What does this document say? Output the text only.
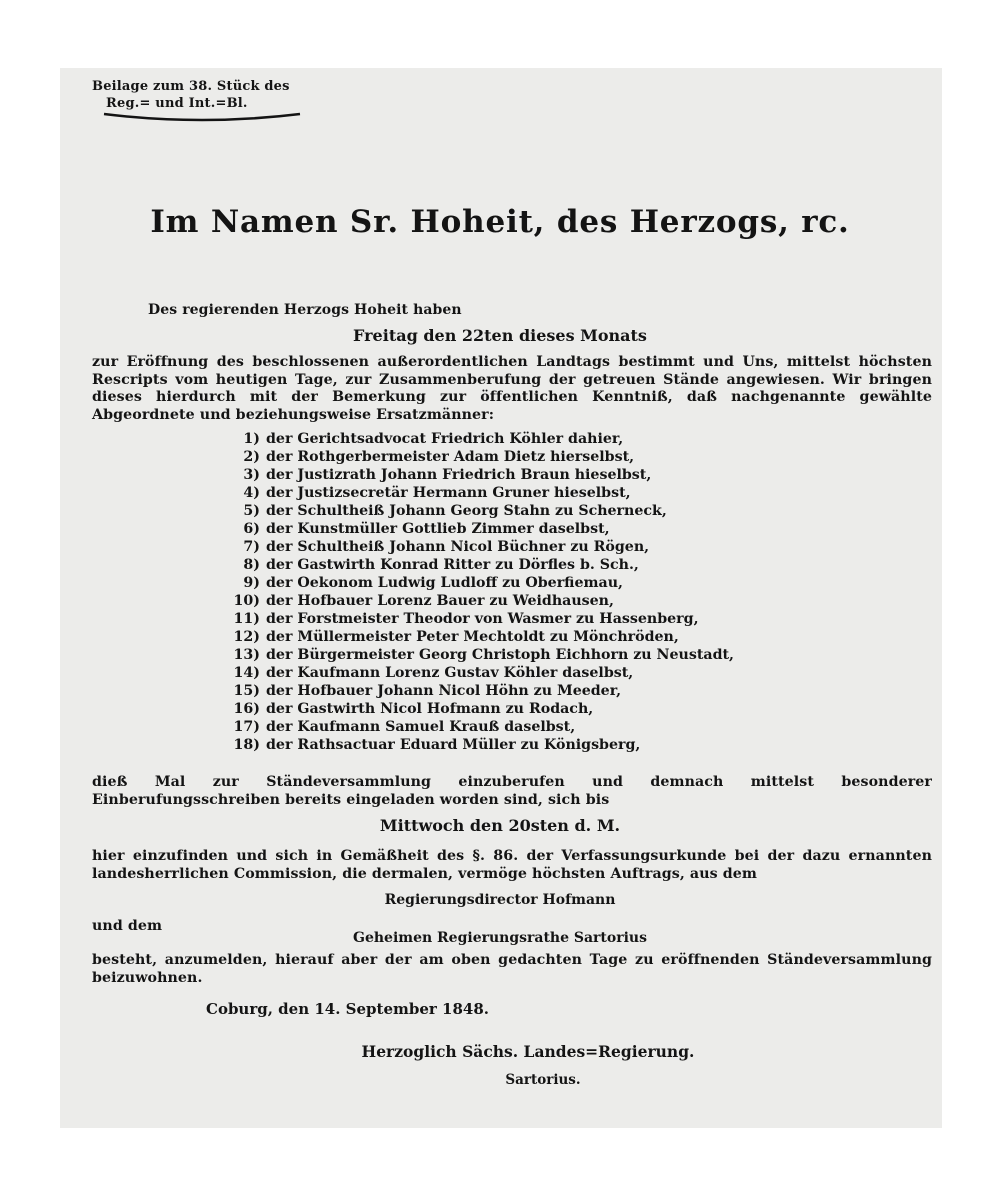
Beilage zum 38. Stück des
Reg.= und Int.=Bl.
Im Namen Sr. Hoheit, des Herzogs, rc.
Des regierenden Herzogs Hoheit haben
Freitag den 22ten dieses Monats
zur Eröffnung des beschlossenen außerordentlichen Landtags bestimmt und Uns, mittelst höchsten Rescripts vom heutigen Tage, zur Zusammenberufung der getreuen Stände angewiesen. Wir bringen dieses hierdurch mit der Bemerkung zur öffentlichen Kenntniß, daß nachgenannte gewählte Abgeordnete und beziehungsweise Ersatzmänner:
1) der Gerichtsadvocat Friedrich Köhler dahier,
2) der Rothgerbermeister Adam Dietz hierselbst,
3) der Justizrath Johann Friedrich Braun hieselbst,
4) der Justizsecretär Hermann Gruner hieselbst,
5) der Schultheiß Johann Georg Stahn zu Scherneck,
6) der Kunstmüller Gottlieb Zimmer daselbst,
7) der Schultheiß Johann Nicol Büchner zu Rögen,
8) der Gastwirth Konrad Ritter zu Dörfles b. Sch.,
9) der Oekonom Ludwig Ludloff zu Oberfiemau,
10) der Hofbauer Lorenz Bauer zu Weidhausen,
11) der Forstmeister Theodor von Wasmer zu Hassenberg,
12) der Müllermeister Peter Mechtoldt zu Mönchröden,
13) der Bürgermeister Georg Christoph Eichhorn zu Neustadt,
14) der Kaufmann Lorenz Gustav Köhler daselbst,
15) der Hofbauer Johann Nicol Höhn zu Meeder,
16) der Gastwirth Nicol Hofmann zu Rodach,
17) der Kaufmann Samuel Krauß daselbst,
18) der Rathsactuar Eduard Müller zu Königsberg,
dieß Mal zur Ständeversammlung einzuberufen und demnach mittelst besonderer Einberufungsschreiben bereits eingeladen worden sind, sich bis
Mittwoch den 20sten d. M.
hier einzufinden und sich in Gemäßheit des §. 86. der Verfassungsurkunde bei der dazu ernannten landesherrlichen Commission, die dermalen, vermöge höchsten Auftrags, aus dem
Regierungsdirector Hofmann
und dem
Geheimen Regierungsrathe Sartorius
besteht, anzumelden, hierauf aber der am oben gedachten Tage zu eröffnenden Ständeversammlung beizuwohnen.
Coburg, den 14. September 1848.
Herzoglich Sächs. Landes=Regierung.
Sartorius.
